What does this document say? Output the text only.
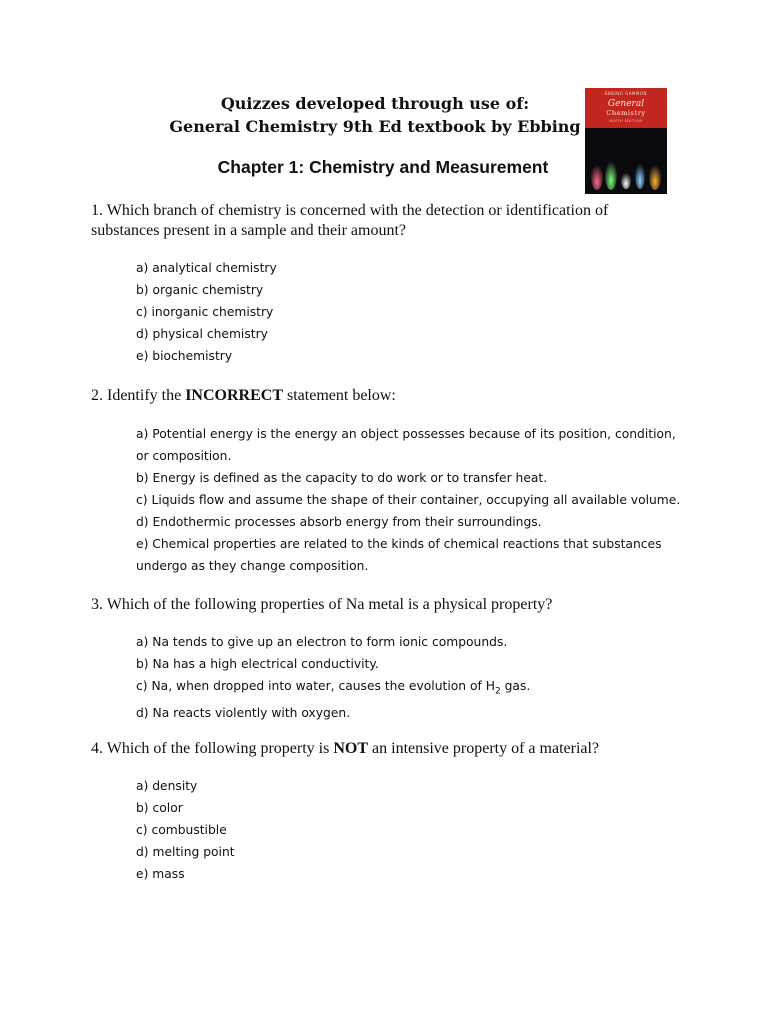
Quizzes developed through use of:
General Chemistry 9th Ed textbook by Ebbing
Chapter 1: Chemistry and Measurement
EBBING GAMMON
General
Chemistry
NINTH EDITION
1. Which branch of chemistry is concerned with the detection or identification of substances present in a sample and their amount?
a) analytical chemistry
b) organic chemistry
c) inorganic chemistry
d) physical chemistry
e) biochemistry
2. Identify the INCORRECT statement below:
a) Potential energy is the energy an object possesses because of its position, condition, or composition.
b) Energy is defined as the capacity to do work or to transfer heat.
c) Liquids flow and assume the shape of their container, occupying all available volume.
d) Endothermic processes absorb energy from their surroundings.
e) Chemical properties are related to the kinds of chemical reactions that substances undergo as they change composition.
3. Which of the following properties of Na metal is a physical property?
a) Na tends to give up an electron to form ionic compounds.
b) Na has a high electrical conductivity.
c) Na, when dropped into water, causes the evolution of $H_2$ gas.
d) Na reacts violently with oxygen.
4. Which of the following property is NOT an intensive property of a material?
a) density
b) color
c) combustible
d) melting point
e) mass
